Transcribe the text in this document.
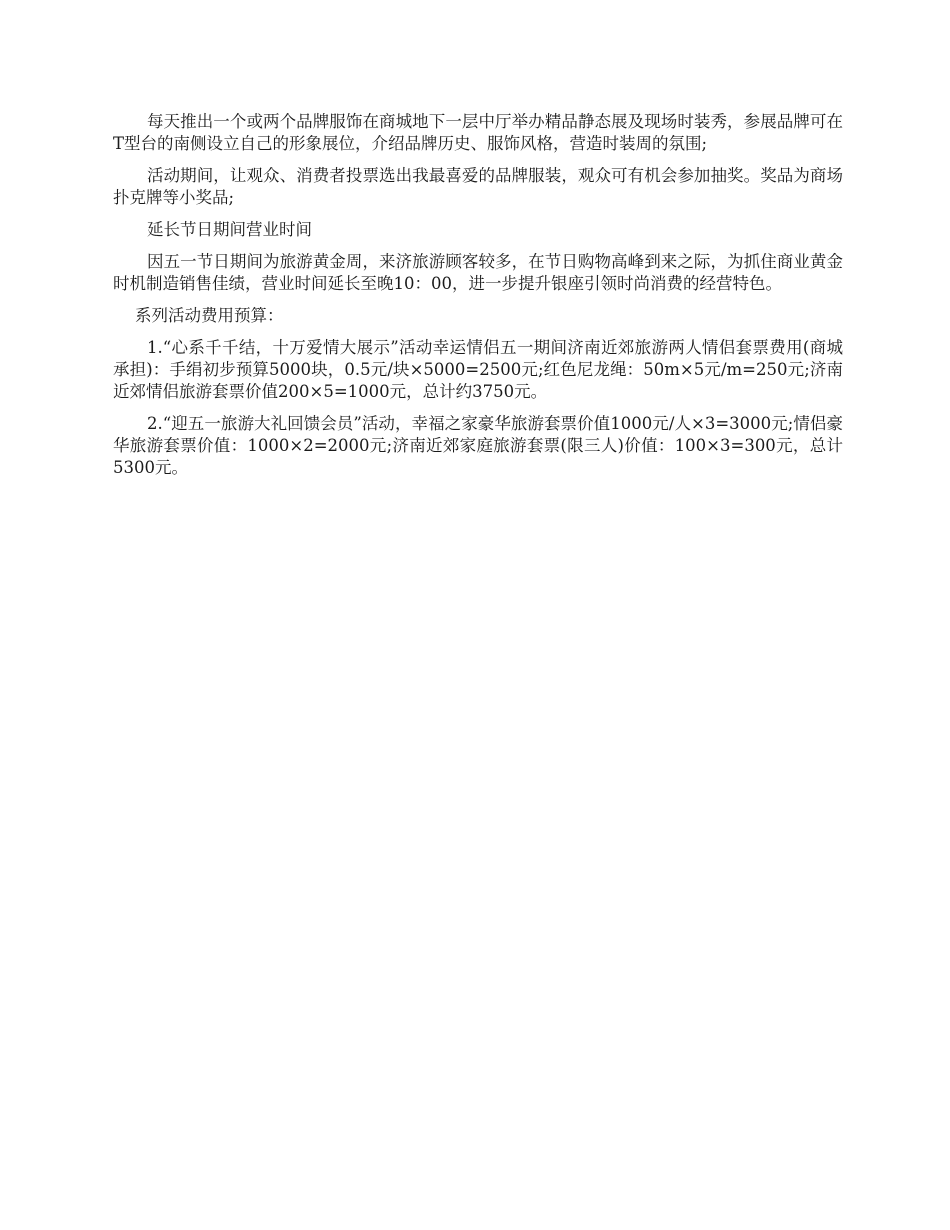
每天推出一个或两个品牌服饰在商城地下一层中厅举办精品静态展及现场时装秀，参展品牌可在T型台的南侧设立自己的形象展位，介绍品牌历史、服饰风格，营造时装周的氛围;

活动期间，让观众、消费者投票选出我最喜爱的品牌服装，观众可有机会参加抽奖。奖品为商场扑克牌等小奖品;

延长节日期间营业时间

因五一节日期间为旅游黄金周，来济旅游顾客较多，在节日购物高峰到来之际，为抓住商业黄金时机制造销售佳绩，营业时间延长至晚10：00，进一步提升银座引领时尚消费的经营特色。

系列活动费用预算：

1.“心系千千结，十万爱情大展示”活动幸运情侣五一期间济南近郊旅游两人情侣套票费用(商城承担)：手绢初步预算5000块，0.5元/块×5000=2500元;红色尼龙绳：50m×5元/m=250元;济南近郊情侣旅游套票价值200×5=1000元，总计约3750元。

2.“迎五一旅游大礼回馈会员”活动，幸福之家豪华旅游套票价值1000元/人×3=3000元;情侣豪华旅游套票价值：1000×2=2000元;济南近郊家庭旅游套票(限三人)价值：100×3=300元，总计5300元。
